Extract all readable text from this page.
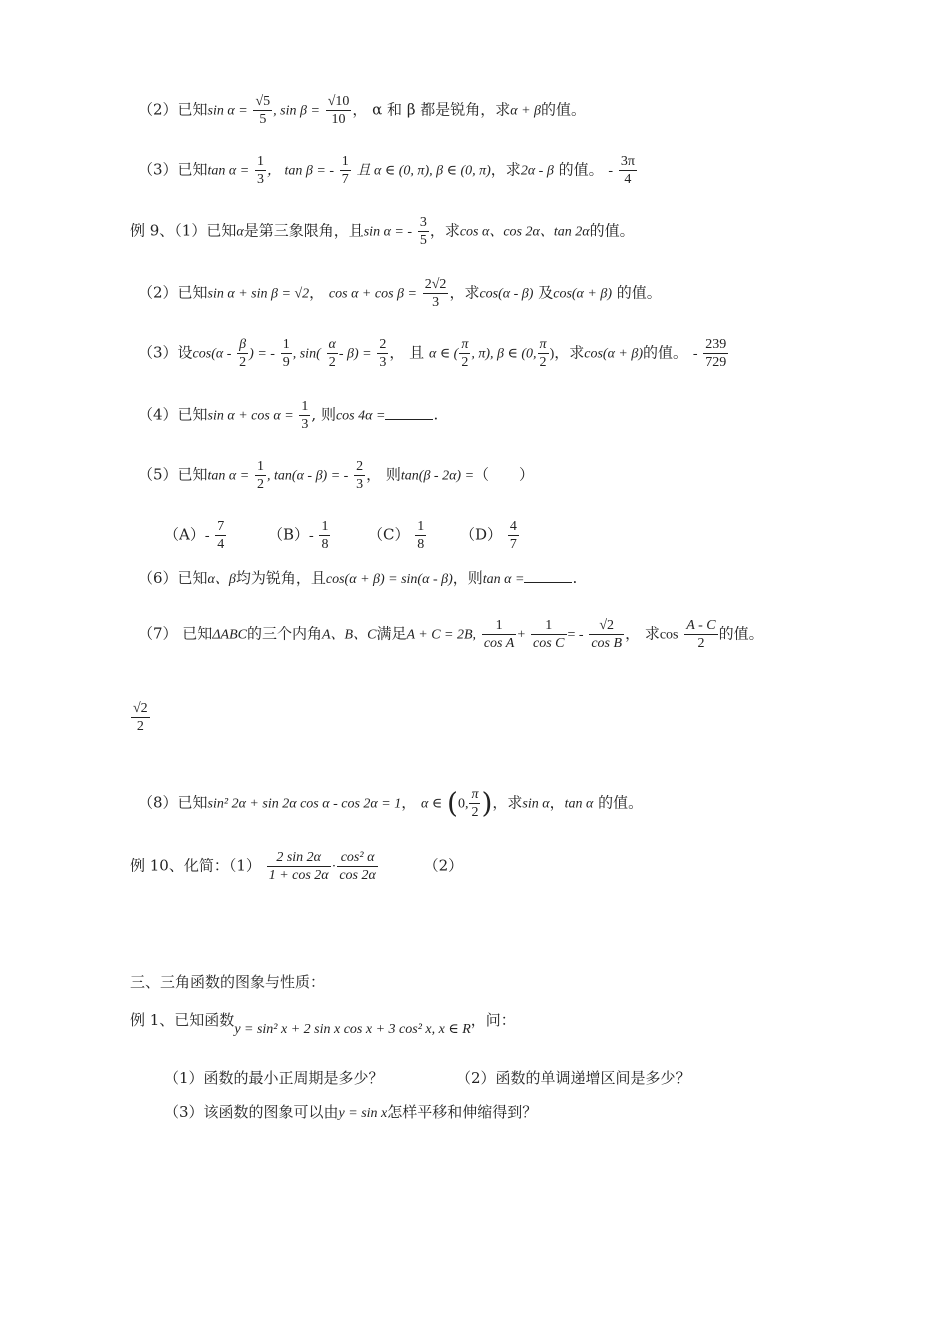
（2）已知$\sin \alpha = \frac{√5}{5}$ , $\sin \beta = \frac{√10}{10}$ ， α 和 β 都是锐角，求α + β的值。
（3）已知$\tan \alpha = \frac{1}{3}$ ， tan β = - $\frac{1}{7}$ 且 α ∈ (0, π), β ∈ (0, π)，求2α - β 的值。 - $\frac{3\pi}{4}$
例 9、（1）已知α是第三象限角，且sin α = - $\frac{3}{5}$ ，求cos α、cos 2α、tan 2α的值。
（2）已知sin α + sin β = √2， $\cos \alpha + \cos \beta = \frac{2√2}{3}$ ，求cos(α - β) 及cos(α + β) 的值。
（3）设$\cos(\alpha - \frac{\beta}{2}$ ) = - $\frac{1}{9}$ , $\sin( \frac{\alpha}{2} - \beta) = \frac{2}{3}$ ， 且 α ∈ ( $\frac{\pi}{2}$ , π), β ∈ (0, $\frac{\pi}{2}$ )，求cos(α + β)的值。 - $\frac{239}{729}$
（4）已知$\sin \alpha + \cos \alpha = \frac{1}{3}$ , 则cos 4α =	.
（5）已知$\tan \alpha = \frac{1}{2}$ , tan(α - β) = - $\frac{2}{3}$ ， 则tan(β - 2α) =（　　）
$(A)- \frac{7}{4}$	$(B)- \frac{1}{8}$	$(C) \frac{1}{8} (D) \frac{4}{7}$
（6）已知α、β均为锐角，且cos(α + β) = sin(α - β)，则tan α =	.
（7） 已知ΔABC的三个内角A、B、C满足A + C = 2B, $\frac{1}{\text{cos A}} + \frac{1}{\text{cos C}}$ = - $\frac{√2}{\text{cos B}}$ ， 求$\cos \frac{A - C}{2}$ 的值。
$\frac{√2}{2}$
（8）已知sin² 2α + sin 2α cos α - cos 2α = 1， α ∈ (0, $\frac{\pi}{2}$ )，求sin α，tan α 的值。
例 10、化简：$(1) \frac{2 \sin 2\alpha}{1 + \cos 2\alpha} \cdot \frac{\text{cos² α}}{\cos 2\alpha}$	（2）
三、三角函数的图象与性质：
例 1、已知函数y = sin² x + 2 sin x cos x + 3 cos² x, x ∈ R，问：
（1）函数的最小正周期是多少？	（2）函数的单调递增区间是多少？
（3）该函数的图象可以由y = sin x怎样平移和伸缩得到？
